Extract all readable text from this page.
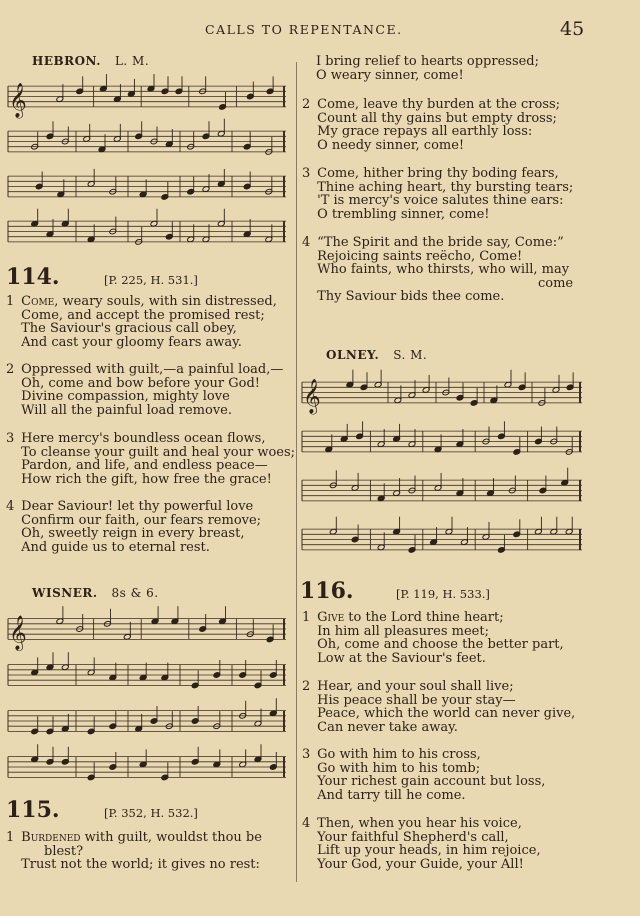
CALLS TO REPENTANCE.	45
HEBRON. L. M.
𝄞
114.	[P. 225, H. 531.]
1 Come, weary souls, with sin distressed,
Come, and accept the promised rest;
The Saviour's gracious call obey,
And cast your gloomy fears away.
2 Oppressed with guilt,—a painful load,—
Oh, come and bow before your God!
Divine compassion, mighty love
Will all the painful load remove.
3 Here mercy's boundless ocean flows,
To cleanse your guilt and heal your woes;
Pardon, and life, and endless peace—
How rich the gift, how free the grace!
4 Dear Saviour! let thy powerful love
Confirm our faith, our fears remove;
Oh, sweetly reign in every breast,
And guide us to eternal rest.
WISNER. 8s & 6.
𝄞
115.	[P. 352, H. 532.]
1 Burdened with guilt, wouldst thou be
blest?
Trust not the world; it gives no rest:
I bring relief to hearts oppressed;
O weary sinner, come!
2 Come, leave thy burden at the cross;
Count all thy gains but empty dross;
My grace repays all earthly loss:
O needy sinner, come!
3 Come, hither bring thy boding fears,
Thine aching heart, thy bursting tears;
'T is mercy's voice salutes thine ears:
O trembling sinner, come!
4 “The Spirit and the bride say, Come:”
Rejoicing saints reëcho, Come!
Who faints, who thirsts, who will, may
come
Thy Saviour bids thee come.
OLNEY. S. M.
𝄞
116.	[P. 119, H. 533.]
1 Give to the Lord thine heart;
In him all pleasures meet;
Oh, come and choose the better part,
Low at the Saviour's feet.
2 Hear, and your soul shall live;
His peace shall be your stay—
Peace, which the world can never give,
Can never take away.
3 Go with him to his cross,
Go with him to his tomb;
Your richest gain account but loss,
And tarry till he come.
4 Then, when you hear his voice,
Your faithful Shepherd's call,
Lift up your heads, in him rejoice,
Your God, your Guide, your All!
